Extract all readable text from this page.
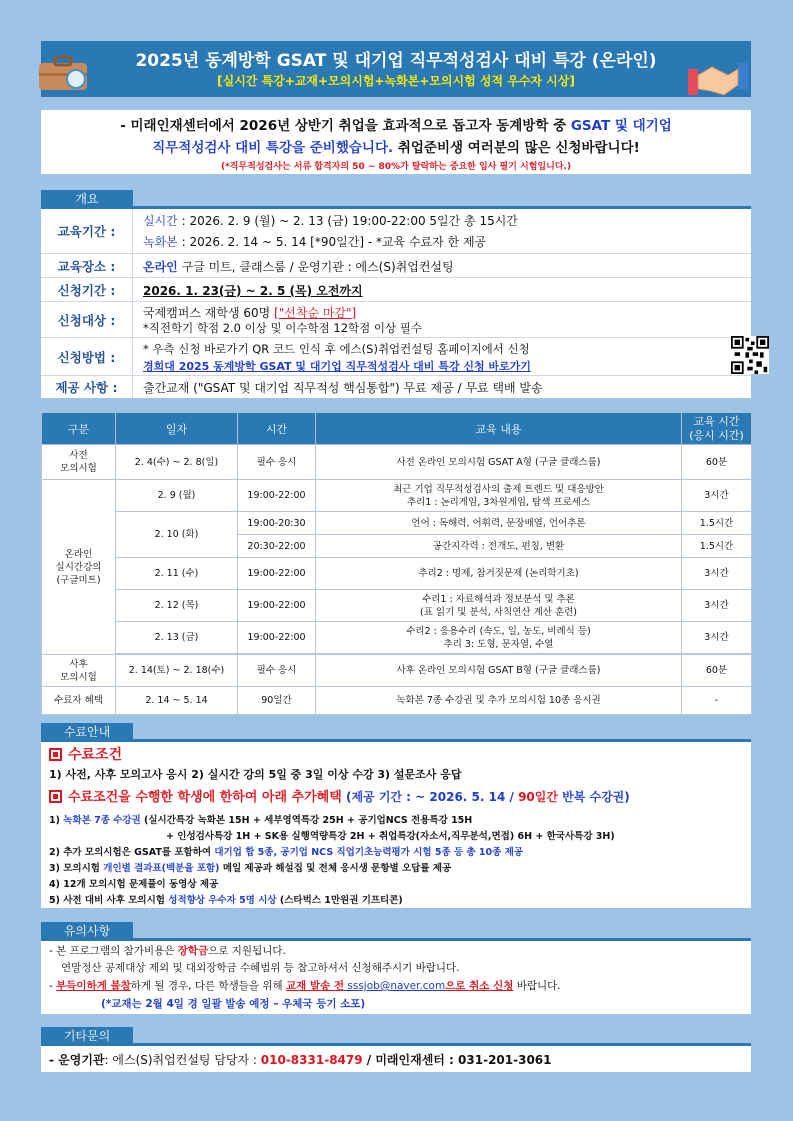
2025년 동계방학 GSAT 및 대기업 직무적성검사 대비 특강 (온라인)
[실시간 특강+교재+모의시험+녹화본+모의시험 성적 우수자 시상]
- 미래인재센터에서 2026년 상반기 취업을 효과적으로 돕고자 동계방학 중 GSAT 및 대기업
직무적성검사 대비 특강을 준비했습니다. 취업준비생 여러분의 많은 신청바랍니다!
(*직무적성검사는 서류 합격자의 50 ~ 80%가 탈락하는 중요한 입사 필기 시험입니다.)
개요
교육기간 :
실시간 : 2026. 2. 9 (월) ~ 2. 13 (금) 19:00-22:00 5일간 총 15시간
녹화본 : 2026. 2. 14 ~ 5. 14 [*90일간] - *교육 수료자 한 제공
교육장소 :	온라인 구글 미트, 클래스룸 / 운영기관 : 에스(S)취업컨설팅
신청기간 :	2026. 1. 23(금) ~ 2. 5 (목) 오전까지
신청대상 :	국제캠퍼스 재학생 60명 ["선착순 마감"]
*직전학기 학점 2.0 이상 및 이수학점 12학점 이상 필수
신청방법 :
* 우측 신청 바로가기 QR 코드 인식 후 에스(S)취업컨설팅 홈페이지에서 신청
경희대 2025 동계방학 GSAT 및 대기업 직무적성검사 대비 특강 신청 바로가기
제공 사항 :	출간교재 ("GSAT 및 대기업 직무적성 핵심통합") 무료 제공 / 무료 택배 발송
구분	일자	시간	교육 내용	교육 시간
(응시 시간)
사전
모의시험	2. 4(수) ~ 2. 8(일)	필수 응시	사전 온라인 모의시험 GSAT A형 (구글 클래스룸)	60분
온라인
실시간강의
(구글미트)	2. 9 (월)	19:00-22:00	최근 기업 직무적성검사의 출제 트렌드 및 대응방안
추리1 : 논리게임, 3차원게임, 탐색 프로세스	3시간
	2. 10 (화)	19:00-20:30	언어 : 독해력, 어휘력, 문장배열, 언어추론	1.5시간
		20:30-22:00	공간지각력 : 전개도, 펀칭, 변환	1.5시간
	2. 11 (수)	19:00-22:00	추리2 : 명제, 참거짓문제 (논리학기초)	3시간
	2. 12 (목)	19:00-22:00	수리1 : 자료해석과 정보분석 및 추론
(표 읽기 및 분석, 사칙연산 계산 훈련)	3시간
	2. 13 (금)	19:00-22:00	수리2 : 응용수리 (속도, 일, 농도, 비례식 등)
추리 3: 도형, 문자열, 수열	3시간

사후
모의시험	2. 14(토) ~ 2. 18(수)	필수 응시	사후 온라인 모의시험 GSAT B형 (구글 클래스룸)	60분
수료자 혜택	2. 14 ~ 5. 14	90일간	녹화본 7종 수강권 및 추가 모의시험 10종 응시권	-
수료안내
수료조건
1) 사전, 사후 모의고사 응시 2) 실시간 강의 5일 중 3일 이상 수강 3) 설문조사 응답
수료조건을 수행한 학생에 한하여 아래 추가혜택 (제공 기간 : ~ 2026. 5. 14 / 90일간 반복 수강권)
1) 녹화본 7종 수강권 (실시간특강 녹화본 15H + 세부영역특강 25H + 공기업NCS 전용특강 15H
+ 인성검사특강 1H + SK용 실행역량특강 2H + 취업특강(자소서,직무분석,면접) 6H + 한국사특강 3H)
2) 추가 모의시험은 GSAT를 포함하여 대기업 합 5종, 공기업 NCS 직업기초능력평가 시험 5종 등 총 10종 제공
3) 모의시험 개인별 결과표(백분율 포함) 메일 제공과 해설집 및 전체 응시생 문항별 오답률 제공
4) 12개 모의시험 문제풀이 동영상 제공
5) 사전 대비 사후 모의시험 성적향상 우수자 5명 시상 (스타벅스 1만원권 기프티콘)
유의사항
- 본 프로그램의 참가비용은 장학금으로 지원됩니다.
연말정산 공제대상 제외 및 대외장학금 수혜범위 등 참고하셔서 신청해주시기 바랍니다.
- 부득이하게 불참하게 될 경우, 다른 학생들을 위해 교재 발송 전 sssjob@naver.com으로 취소 신청 바랍니다.
(*교재는 2월 4일 경 일괄 발송 예정 – 우체국 등기 소포)
기타문의
- 운영기관: 에스(S)취업컨설팅 담당자 : 010-8331-8479 / 미래인재센터 : 031-201-3061
